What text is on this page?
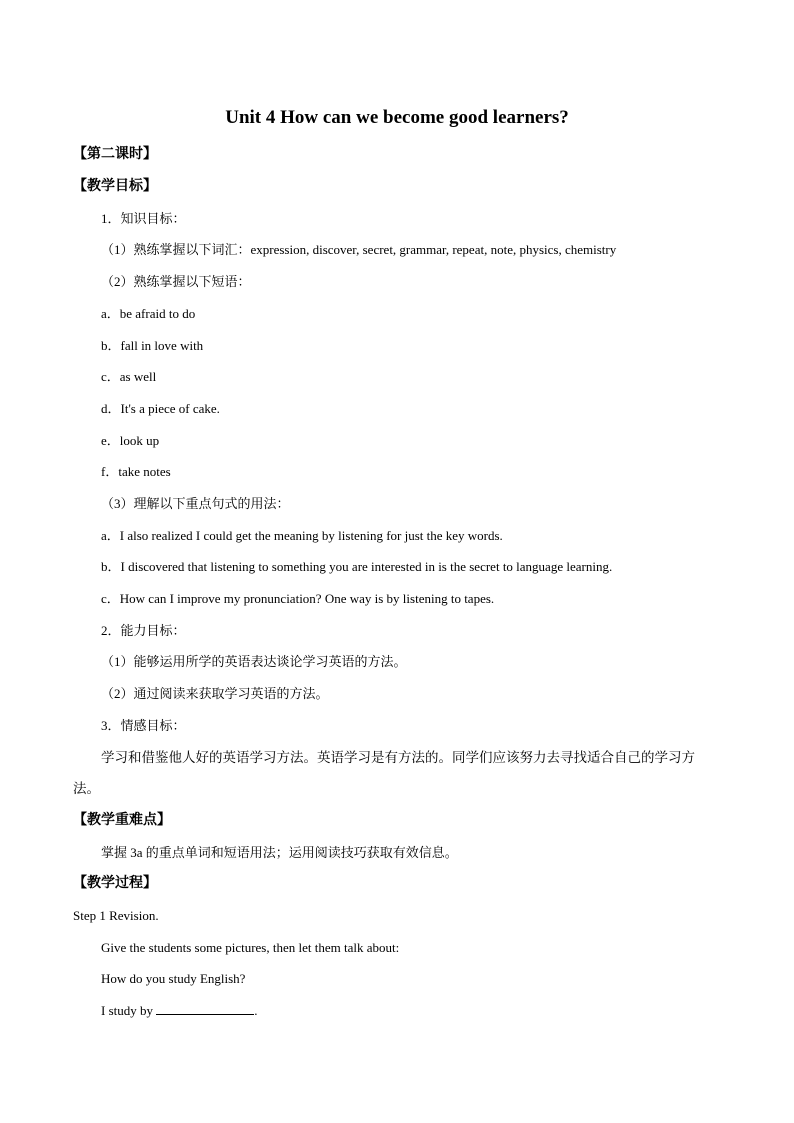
Unit 4 How can we become good learners?
【第二课时】
【教学目标】
1．知识目标：
（1）熟练掌握以下词汇：expression, discover, secret, grammar, repeat, note, physics, chemistry
（2）熟练掌握以下短语：
a．be afraid to do
b．fall in love with
c．as well
d．It's a piece of cake.
e．look up
f．take notes
（3）理解以下重点句式的用法：
a．I also realized I could get the meaning by listening for just the key words.
b．I discovered that listening to something you are interested in is the secret to language learning.
c．How can I improve my pronunciation? One way is by listening to tapes.
2．能力目标：
（1）能够运用所学的英语表达谈论学习英语的方法。
（2）通过阅读来获取学习英语的方法。
3．情感目标：
学习和借鉴他人好的英语学习方法。英语学习是有方法的。同学们应该努力去寻找适合自己的学习方法。
【教学重难点】
掌握 3a 的重点单词和短语用法；运用阅读技巧获取有效信息。
【教学过程】
Step 1 Revision.
Give the students some pictures, then let them talk about:
How do you study English?
I study by	.
